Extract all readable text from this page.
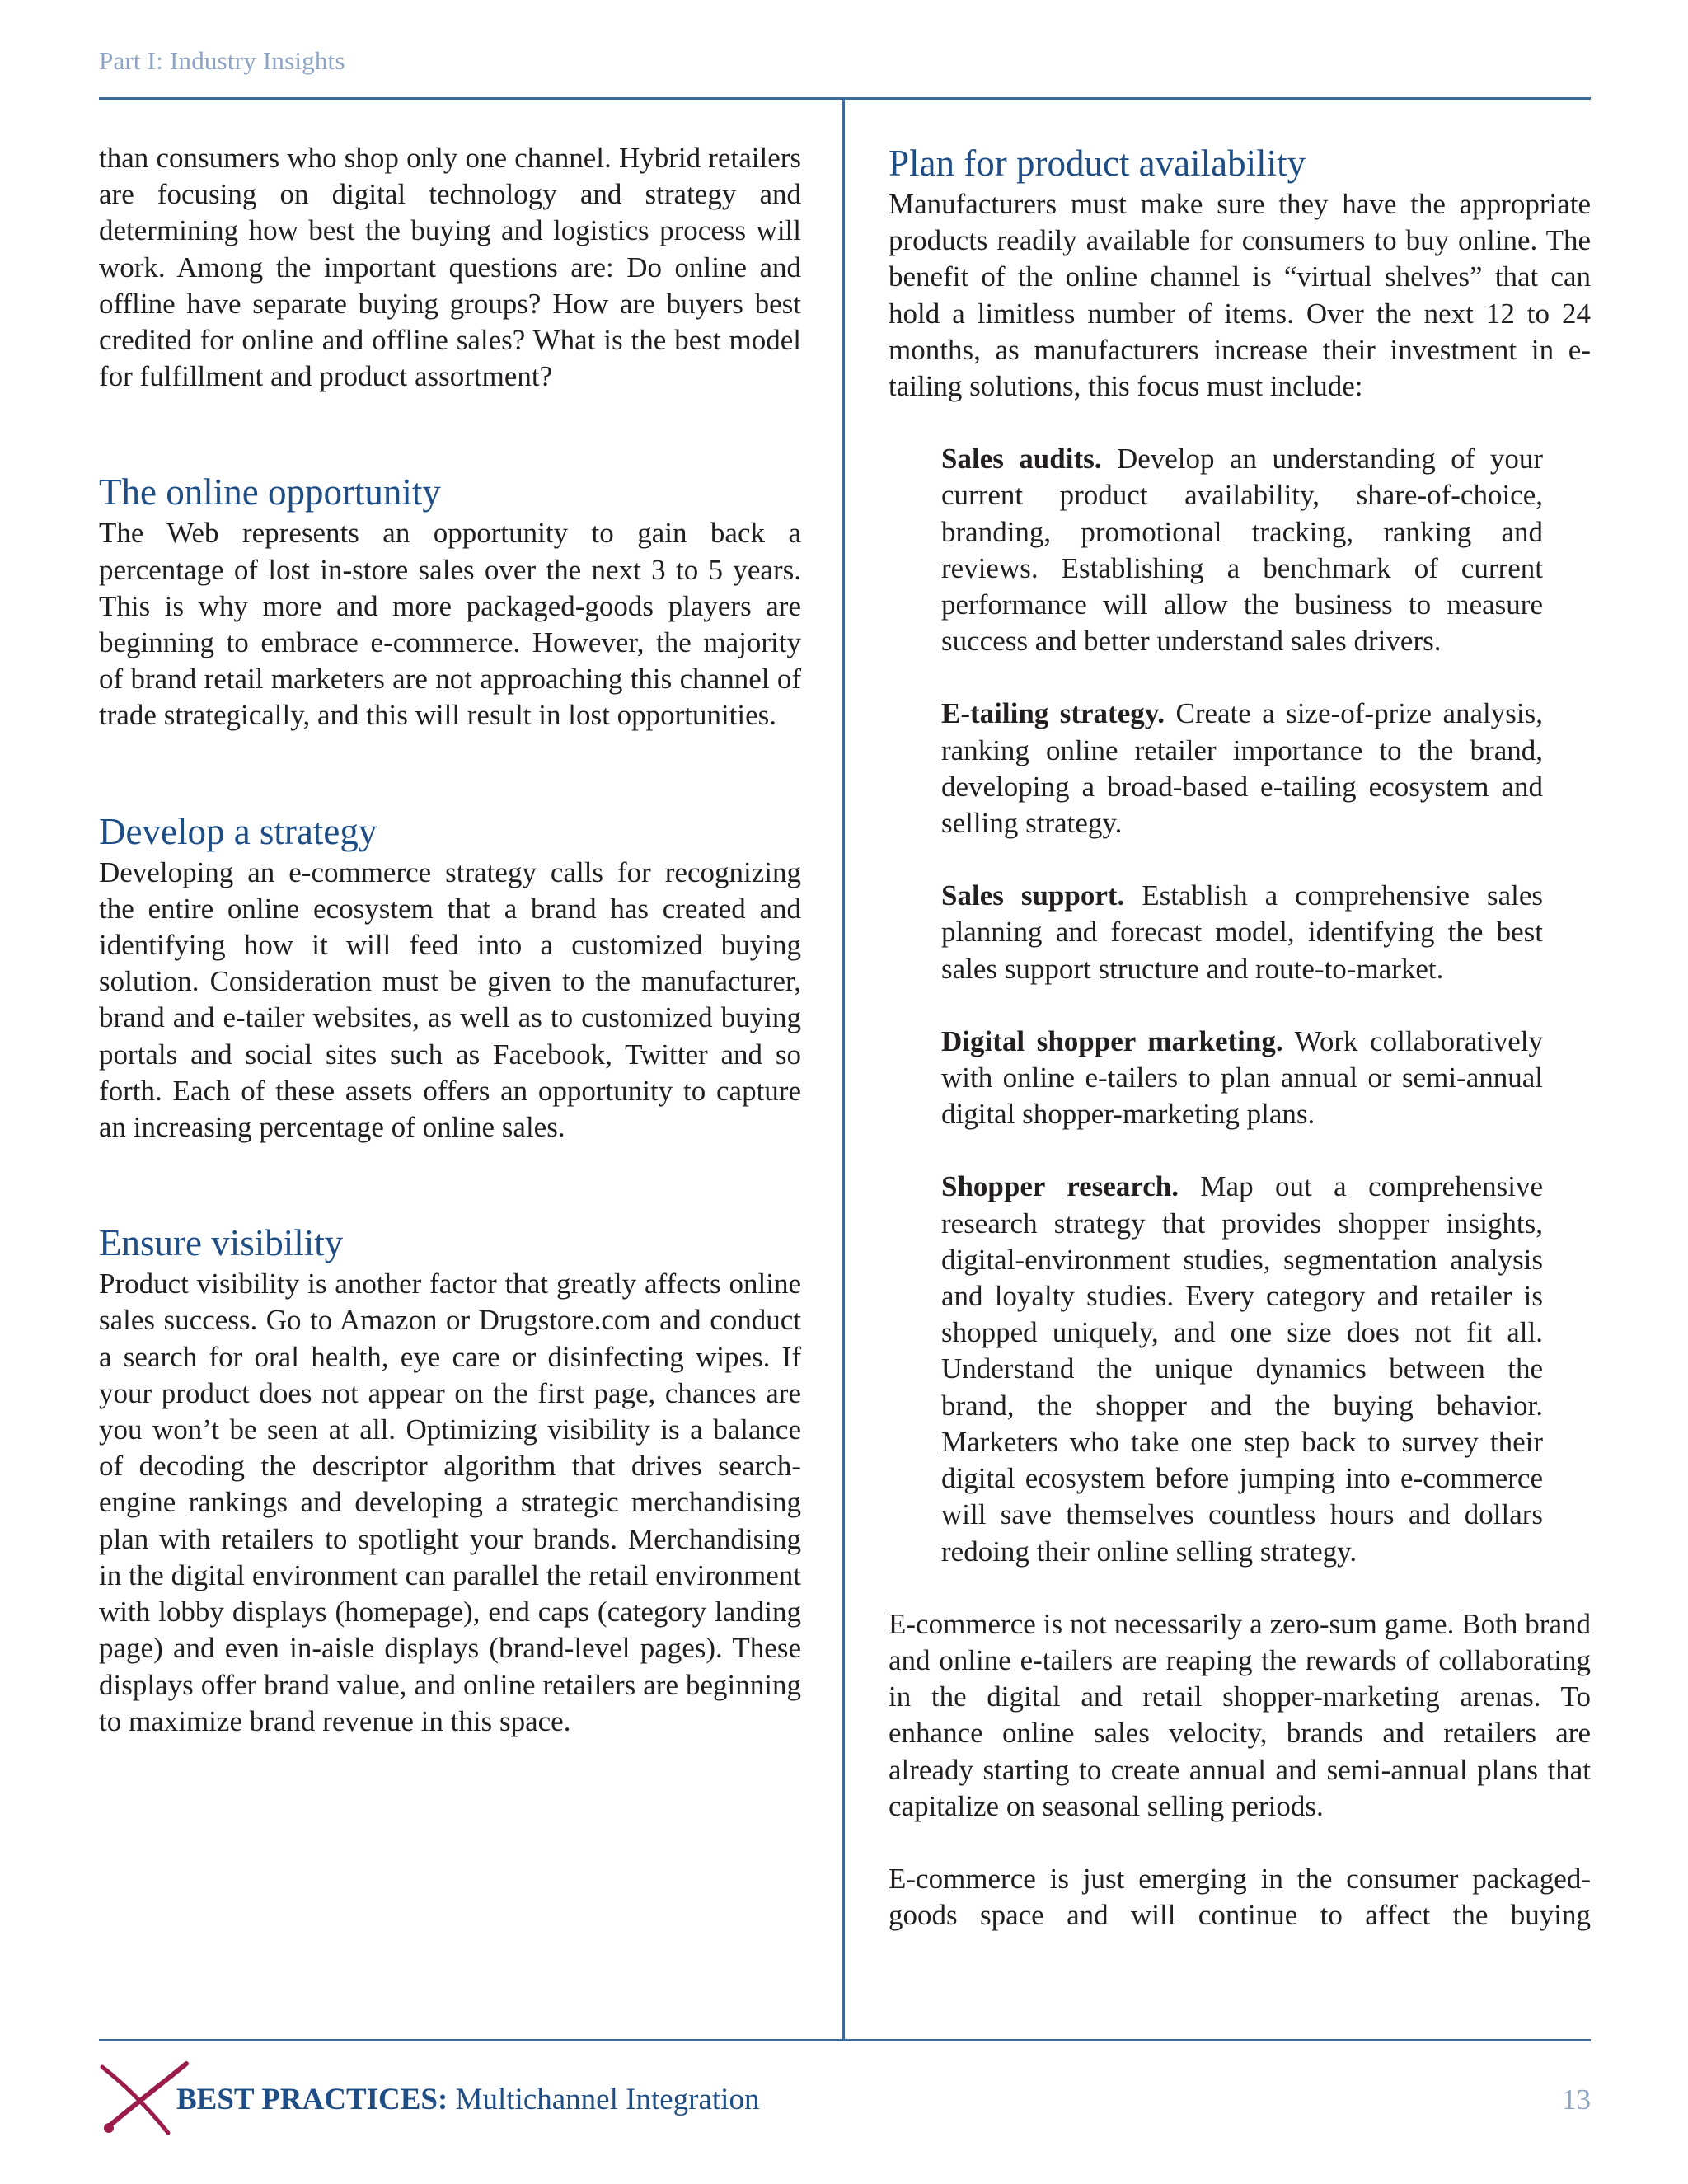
Part I: Industry Insights

than consumers who shop only one channel. Hybrid retailers are focusing on digital technology and strategy and determining how best the buying and logistics process will work. Among the important questions are: Do online and offline have separate buying groups? How are buyers best credited for online and offline sales? What is the best model for fulfillment and product assortment?

The online opportunity

The Web represents an opportunity to gain back a percentage of lost in-store sales over the next 3 to 5 years. This is why more and more packaged-goods players are beginning to embrace e-commerce. However, the majority of brand retail marketers are not approaching this channel of trade strategically, and this will result in lost opportunities.

Develop a strategy

Developing an e-commerce strategy calls for recognizing the entire online ecosystem that a brand has created and identifying how it will feed into a customized buying solution. Consideration must be given to the manufacturer, brand and e-tailer websites, as well as to customized buying portals and social sites such as Facebook, Twitter and so forth. Each of these assets offers an opportunity to capture an increasing percentage of online sales.

Ensure visibility

Product visibility is another factor that greatly affects online sales success. Go to Amazon or Drugstore.com and conduct a search for oral health, eye care or disinfecting wipes. If your product does not appear on the first page, chances are you won’t be seen at all. Optimizing visibility is a balance of decoding the descriptor algorithm that drives search-engine rankings and developing a strategic merchandising plan with retailers to spotlight your brands. Merchandising in the digital environment can parallel the retail environment with lobby displays (homepage), end caps (category landing page) and even in-aisle displays (brand-level pages). These displays offer brand value, and online retailers are beginning to maximize brand revenue in this space.

Plan for product availability

Manufacturers must make sure they have the appropriate products readily available for consumers to buy online. The benefit of the online channel is “virtual shelves” that can hold a limitless number of items. Over the next 12 to 24 months, as manufacturers increase their investment in e-tailing solutions, this focus must include:

Sales audits. Develop an understanding of your current product availability, share-of-choice, branding, promotional tracking, ranking and reviews. Establishing a benchmark of current performance will allow the business to measure success and better understand sales drivers.

E-tailing strategy. Create a size-of-prize analysis, ranking online retailer importance to the brand, developing a broad-based e-tailing ecosystem and selling strategy.

Sales support. Establish a comprehensive sales planning and forecast model, identifying the best sales support structure and route-to-market.

Digital shopper marketing. Work collaboratively with online e-tailers to plan annual or semi-annual digital shopper-marketing plans.

Shopper research. Map out a comprehensive research strategy that provides shopper insights, digital-environment studies, segmentation analysis and loyalty studies. Every category and retailer is shopped uniquely, and one size does not fit all. Understand the unique dynamics between the brand, the shopper and the buying behavior. Marketers who take one step back to survey their digital ecosystem before jumping into e-commerce will save themselves countless hours and dollars redoing their online selling strategy.

E-commerce is not necessarily a zero-sum game. Both brand and online e-tailers are reaping the rewards of collaborating in the digital and retail shopper-marketing arenas. To enhance online sales velocity, brands and retailers are already starting to create annual and semi-annual plans that capitalize on seasonal selling periods.

E-commerce is just emerging in the consumer packaged-goods space and will continue to affect the buying

BEST PRACTICES: Multichannel Integration	13
